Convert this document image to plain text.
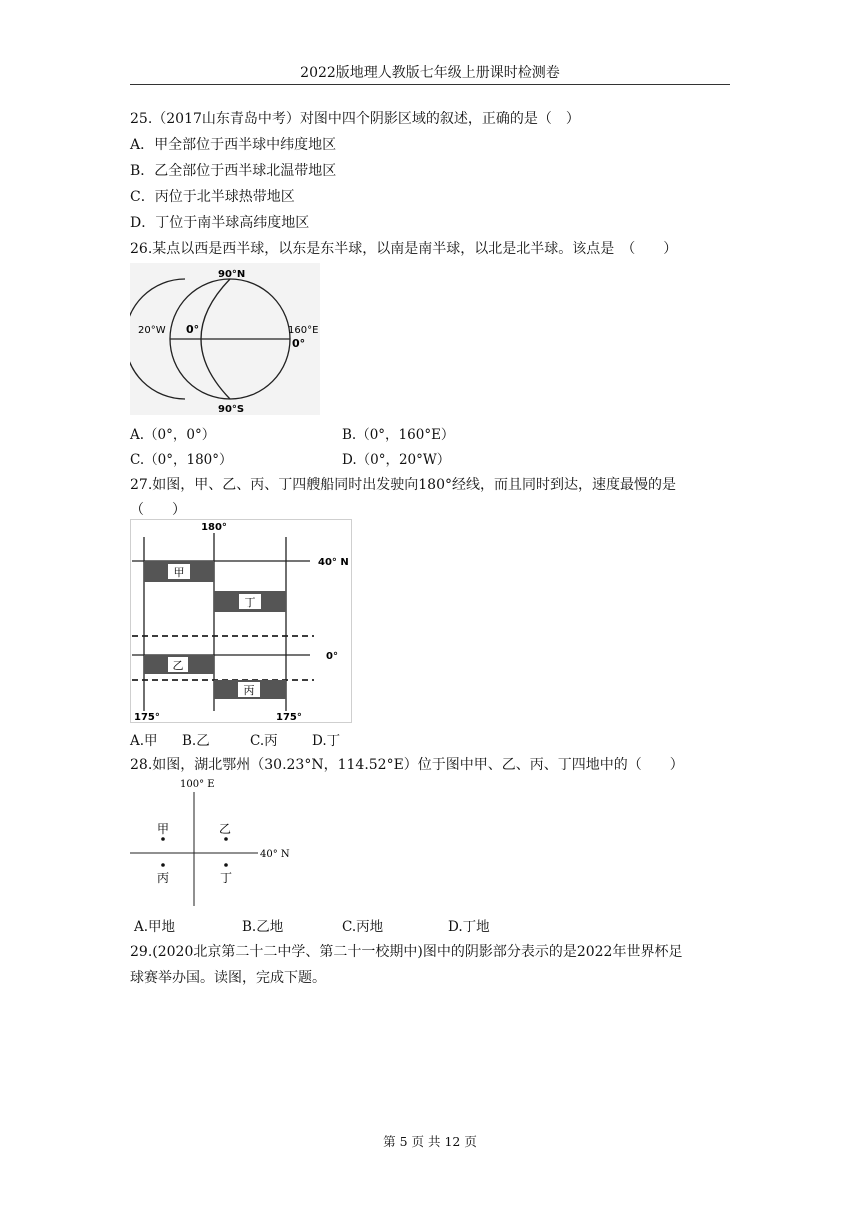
2022版地理人教版七年级上册课时检测卷
25.（2017山东青岛中考）对图中四个阴影区域的叙述，正确的是（　）
A．甲全部位于西半球中纬度地区
B．乙全部位于西半球北温带地区
C．丙位于北半球热带地区
D．丁位于南半球高纬度地区
26.某点以西是西半球，以东是东半球，以南是南半球，以北是北半球。该点是　（　　）
90°N
90°S
20°W 0°	160°E
0°
A.（0°，0°）	B.（0°，160°E）
C.（0°，180°）	D.（0°，20°W）
27.如图，甲、乙、丙、丁四艘船同时出发驶向180°经线，而且同时到达，速度最慢的是
（　　）
甲
丁
乙
丙
180°
40° N
0°
175°	175°
A.甲 B.乙	C.丙	D.丁
28.如图，湖北鄂州（30.23°N，114.52°E）位于图中甲、乙、丙、丁四地中的（　　）
100° E
40° N
甲	乙
丙	丁
A.甲地	B.乙地	C.丙地	D.丁地
29.(2020北京第二十二中学、第二十一校期中)图中的阴影部分表示的是2022年世界杯足
球赛举办国。读图，完成下题。
第 5 页 共 12 页
